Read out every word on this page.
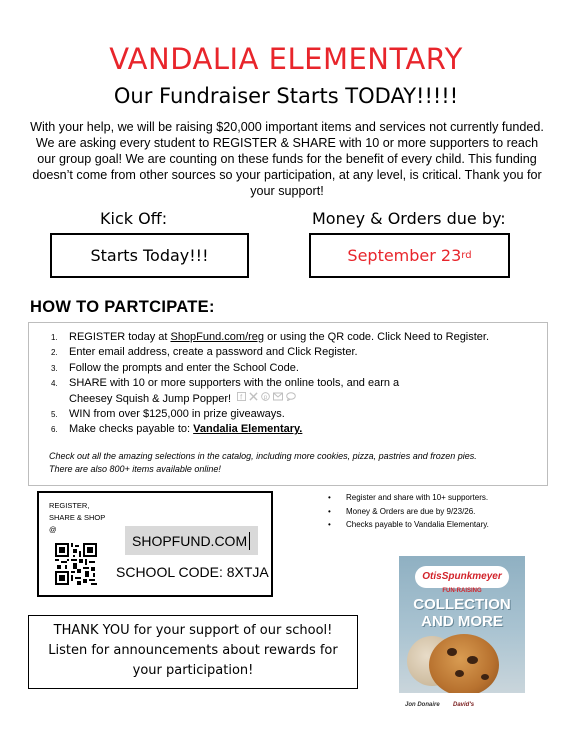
VANDALIA ELEMENTARY
Our Fundraiser Starts TODAY!!!!!

With your help, we will be raising $20,000 important items and services not currently funded. We are asking every student to REGISTER & SHARE with 10 or more supporters to reach our group goal! We are counting on these funds for the benefit of every child. This funding doesn’t come from other sources so your participation, at any level, is critical. Thank you for your support!

Kick Off:	Money & Orders due by:
Starts Today!!!	September 23 rd
HOW TO PARTCIPATE:
1.	REGISTER today at ShopFund.com/reg or using the QR code. Click Need to Register.
2.	Enter email address, create a password and Click Register.
3.	Follow the prompts and enter the School Code.
4.	SHARE with 10 or more supporters with the online tools, and earn a
Cheesey Squish & Jump Popper! f	p
5.	WIN from over $125,000 in prize giveaways.
6.	Make checks payable to: Vandalia Elementary.

Check out all the amazing selections in the catalog, including more cookies, pizza, pastries and frozen pies. There are also 800+ items available online!

REGISTER, SHARE & SHOP @
SHOPFUND.COM
SCHOOL CODE: 8XTJA
•	Register and share with 10+ supporters.
•	Money & Orders are due by 9/23/26.
•	Checks payable to Vandalia Elementary.
THANK YOU for your support of our school!
Listen for announcements about rewards for
your participation!
OtisSpunkmeyer
FUN-RAISING
COLLECTION
AND MORE
Jon Donaire David's
